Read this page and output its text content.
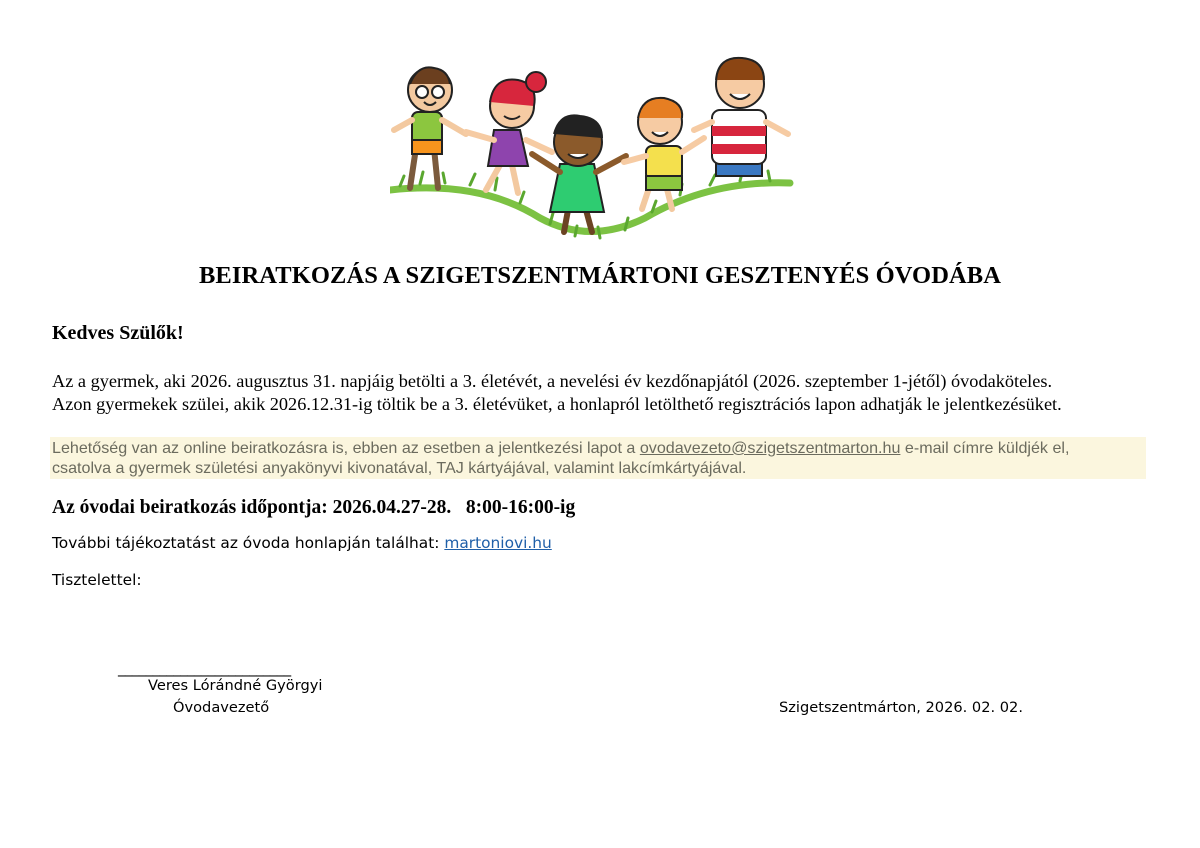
BEIRATKOZÁS A SZIGETSZENTMÁRTONI GESZTENYÉS ÓVODÁBA
Kedves Szülők!
Az a gyermek, aki 2026. augusztus 31. napjáig betölti a 3. életévét, a nevelési év kezdőnapjától (2026. szeptember 1-jétől) óvodaköteles.
Azon gyermekek szülei, akik 2026.12.31-ig töltik be a 3. életévüket, a honlapról letölthető regisztrációs lapon adhatják le jelentkezésüket.
Lehetőség van az online beiratkozásra is, ebben az esetben a jelentkezési lapot a ovodavezeto@szigetszentmarton.hu e-mail címre küldjék el,
csatolva a gyermek születési anyakönyvi kivonatával, TAJ kártyájával, valamint lakcímkártyájával.
Az óvodai beiratkozás időpontja: 2026.04.27-28.   8:00-16:00-ig
További tájékoztatást az óvoda honlapján találhat: martoniovi.hu
Tisztelettel:
_________________________
Veres Lórándné Györgyi
Óvodavezető	Szigetszentmárton, 2026. 02. 02.
